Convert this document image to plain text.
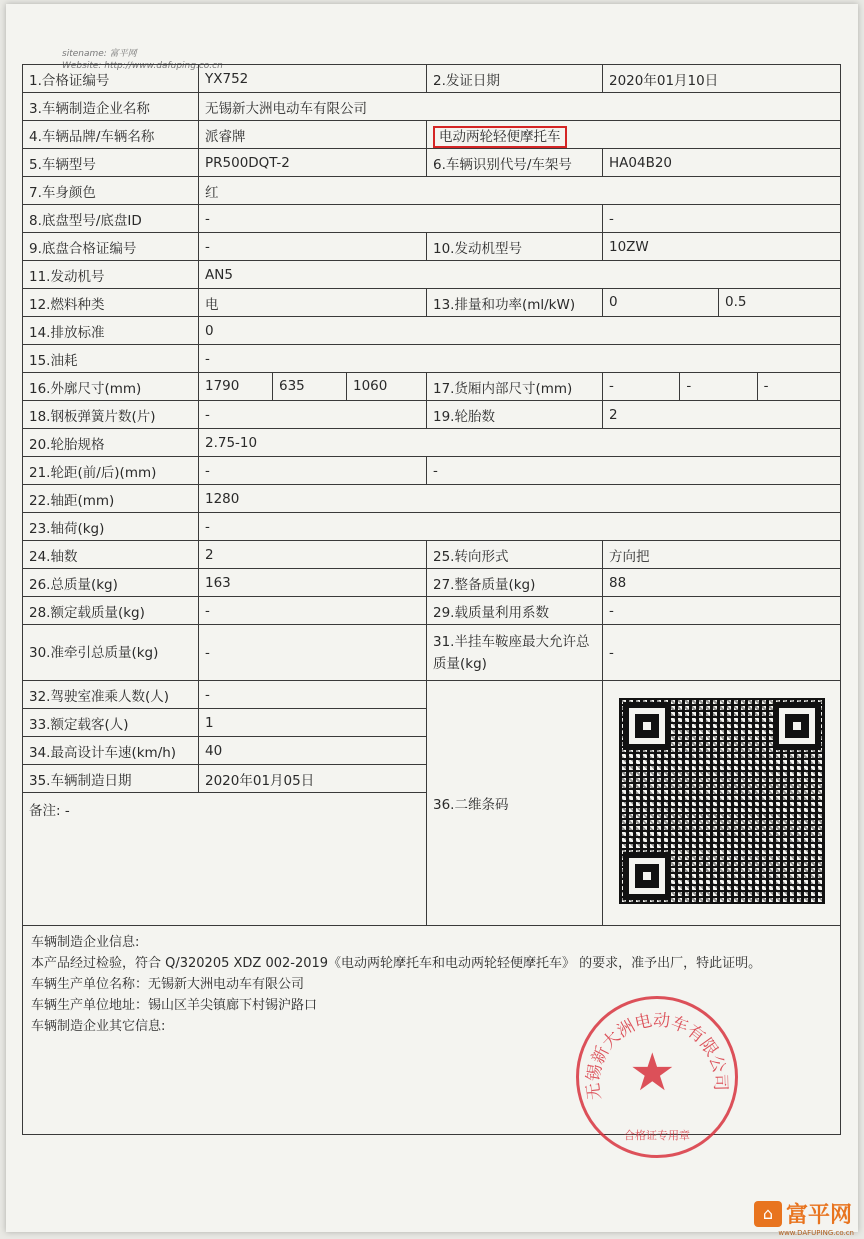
sitename: 富平网
Website: http://www.dafuping.co.cn
1.合格证编号	YX752	2.发证日期	2020年01月10日
3.车辆制造企业名称	无锡新大洲电动车有限公司		
4.车辆品牌/车辆名称	派睿牌	电动两轮轻便摩托车	
5.车辆型号	PR500DQT-2	6.车辆识别代号/车架号	HA04B20
7.车身颜色	红		
8.底盘型号/底盘ID	-		-
9.底盘合格证编号	-	10.发动机型号	10ZW
11.发动机号	AN5		
12.燃料种类	电	13.排量和功率(ml/kW)	0 0.5

14.排放标准	0		
15.油耗	-		
16.外廓尺寸(mm)	1790 635 1060	17.货厢内部尺寸(mm)	- - -

18.钢板弹簧片数(片)	-	19.轮胎数	2
20.轮胎规格	2.75-10		
21.轮距(前/后)(mm)	-	-	
22.轴距(mm)	1280		
23.轴荷(kg)	-		
24.轴数	2	25.转向形式	方向把
26.总质量(kg)	163	27.整备质量(kg)	88
28.额定载质量(kg)	-	29.载质量利用系数	-
30.准牵引总质量(kg)	-	31.半挂车鞍座最大允许总质量(kg)	-
32.驾驶室准乘人数(人)	-	36.二维条码	

33.额定载客(人)	1		
34.最高设计车速(km/h)	40		
35.车辆制造日期	2020年01月05日		
备注: -			

车辆制造企业信息:
本产品经过检验，符合 Q/320205 XDZ 002-2019《电动两轮摩托车和电动两轮轻便摩托车》 的要求，准予出厂，特此证明。
车辆生产单位名称：无锡新大洲电动车有限公司
车辆生产单位地址：锡山区羊尖镇廊下村锡沪路口
车辆制造企业其它信息:			
无锡新大洲电动车有限公司
★
合格证专用章
⌂ 富平网
www.DAFUPING.co.cn
